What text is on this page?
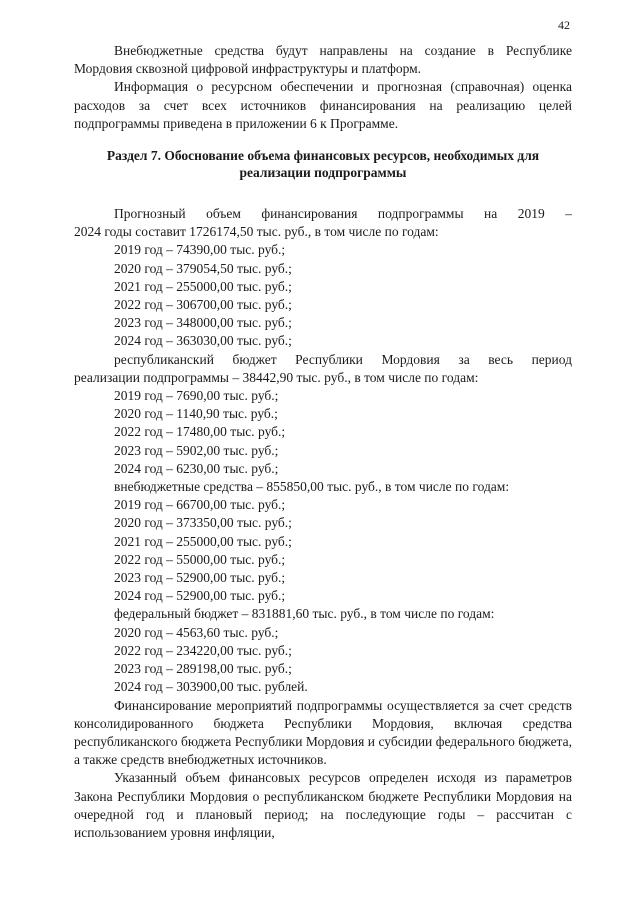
42

Внебюджетные средства будут направлены на создание в Республике

Мордовия сквозной цифровой инфраструктуры и платформ.

Информация о ресурсном обеспечении и прогнозная (справочная) оценка расходов за счет всех источников финансирования на реализацию целей подпрограммы приведена в приложении 6 к Программе.

Раздел 7. Обоснование объема финансовых ресурсов, необходимых для
реализации подпрограммы

Прогнозный объем финансирования подпрограммы на 2019 –

2024 годы составит 1726174,50 тыс. руб., в том числе по годам:

2019 год – 74390,00 тыс. руб.;
2020 год – 379054,50 тыс. руб.;
2021 год – 255000,00 тыс. руб.;
2022 год – 306700,00 тыс. руб.;
2023 год – 348000,00 тыс. руб.;
2024 год – 363030,00 тыс. руб.;

республиканский бюджет Республики Мордовия за весь период

реализации подпрограммы – 38442,90 тыс. руб., в том числе по годам:

2019 год – 7690,00 тыс. руб.;
2020 год – 1140,90 тыс. руб.;
2022 год – 17480,00 тыс. руб.;
2023 год – 5902,00 тыс. руб.;
2024 год – 6230,00 тыс. руб.;

внебюджетные средства – 855850,00 тыс. руб., в том числе по годам:

2019 год – 66700,00 тыс. руб.;
2020 год – 373350,00 тыс. руб.;
2021 год – 255000,00 тыс. руб.;
2022 год – 55000,00 тыс. руб.;
2023 год – 52900,00 тыс. руб.;
2024 год – 52900,00 тыс. руб.;

федеральный бюджет – 831881,60 тыс. руб., в том числе по годам:

2020 год – 4563,60 тыс. руб.;
2022 год – 234220,00 тыс. руб.;
2023 год – 289198,00 тыс. руб.;
2024 год – 303900,00 тыс. рублей.

Финансирование мероприятий подпрограммы осуществляется за счет средств консолидированного бюджета Республики Мордовия, включая средства республиканского бюджета Республики Мордовия и субсидии федерального бюджета, а также средств внебюджетных источников.

Указанный объем финансовых ресурсов определен исходя из параметров Закона Республики Мордовия о республиканском бюджете Республики Мордовия на очередной год и плановый период; на последующие годы – рассчитан с использованием уровня инфляции,
